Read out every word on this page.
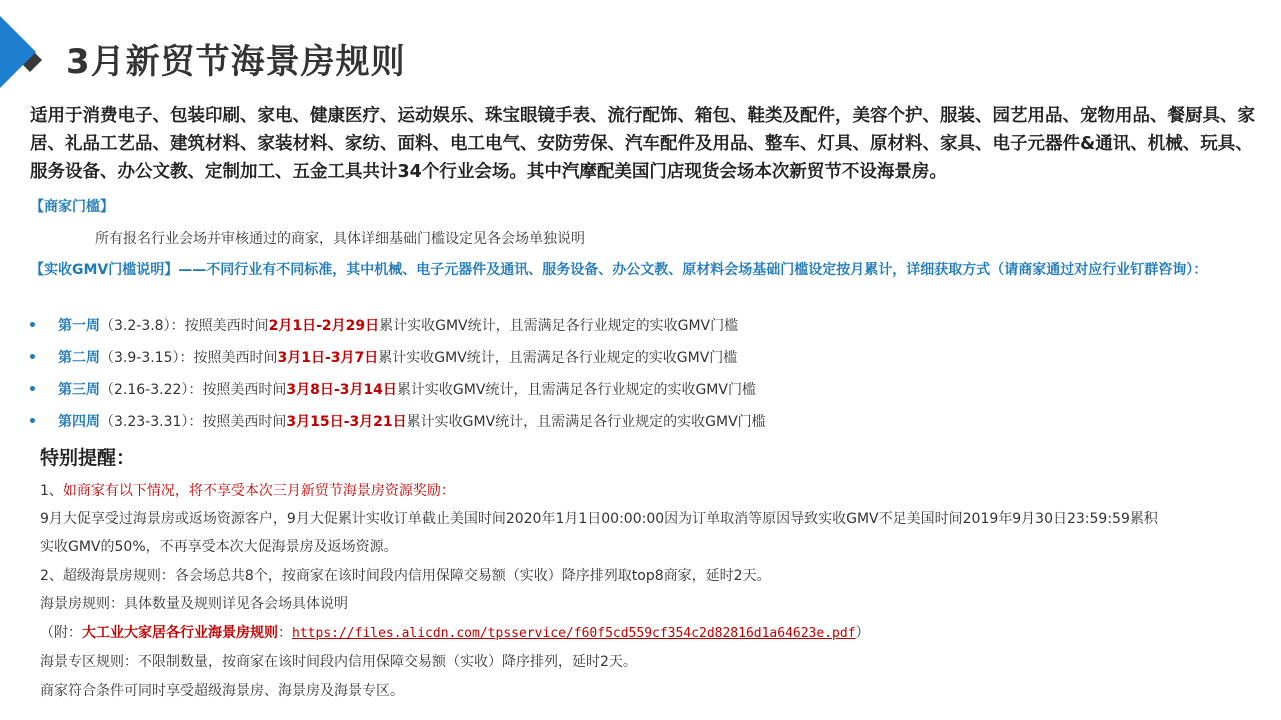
3月新贸节海景房规则

适用于消费电子、包装印刷、家电、健康医疗、运动娱乐、珠宝眼镜手表、流行配饰、箱包、鞋类及配件，美容个护、服装、园艺用品、宠物用品、餐厨具、家居、礼品工艺品、建筑材料、家装材料、家纺、面料、电工电气、安防劳保、汽车配件及用品、整车、灯具、原材料、家具、电子元器件&通讯、机械、玩具、服务设备、办公文教、定制加工、五金工具共计34个行业会场。其中汽摩配美国门店现货会场本次新贸节不设海景房。

【商家门槛】
所有报名行业会场并审核通过的商家，具体详细基础门槛设定见各会场单独说明
【实收GMV门槛说明】——不同行业有不同标准，其中机械、电子元器件及通讯、服务设备、办公文教、原材料会场基础门槛设定按月累计，详细获取方式（请商家通过对应行业钉群咨询）：
• 第一周（3.2-3.8）：按照美西时间2月1日-2月29日累计实收GMV统计，且需满足各行业规定的实收GMV门槛
• 第二周（3.9-3.15）：按照美西时间3月1日-3月7日累计实收GMV统计，且需满足各行业规定的实收GMV门槛
• 第三周（2.16-3.22）：按照美西时间3月8日-3月14日累计实收GMV统计，且需满足各行业规定的实收GMV门槛
• 第四周（3.23-3.31）：按照美西时间3月15日-3月21日累计实收GMV统计，且需满足各行业规定的实收GMV门槛
特别提醒：
1、如商家有以下情况，将不享受本次三月新贸节海景房资源奖励：
9月大促享受过海景房或返场资源客户，9月大促累计实收订单截止美国时间2020年1月1日00:00:00因为订单取消等原因导致实收GMV不足美国时间2019年9月30日23:59:59累积
实收GMV的50%，不再享受本次大促海景房及返场资源。
2、超级海景房规则：各会场总共8个，按商家在该时间段内信用保障交易额（实收）降序排列取top8商家，延时2天。
海景房规则：具体数量及规则详见各会场具体说明
（附：大工业大家居各行业海景房规则：https://files.alicdn.com/tpsservice/f60f5cd559cf354c2d82816d1a64623e.pdf）
海景专区规则：不限制数量，按商家在该时间段内信用保障交易额（实收）降序排列，延时2天。
商家符合条件可同时享受超级海景房、海景房及海景专区。
